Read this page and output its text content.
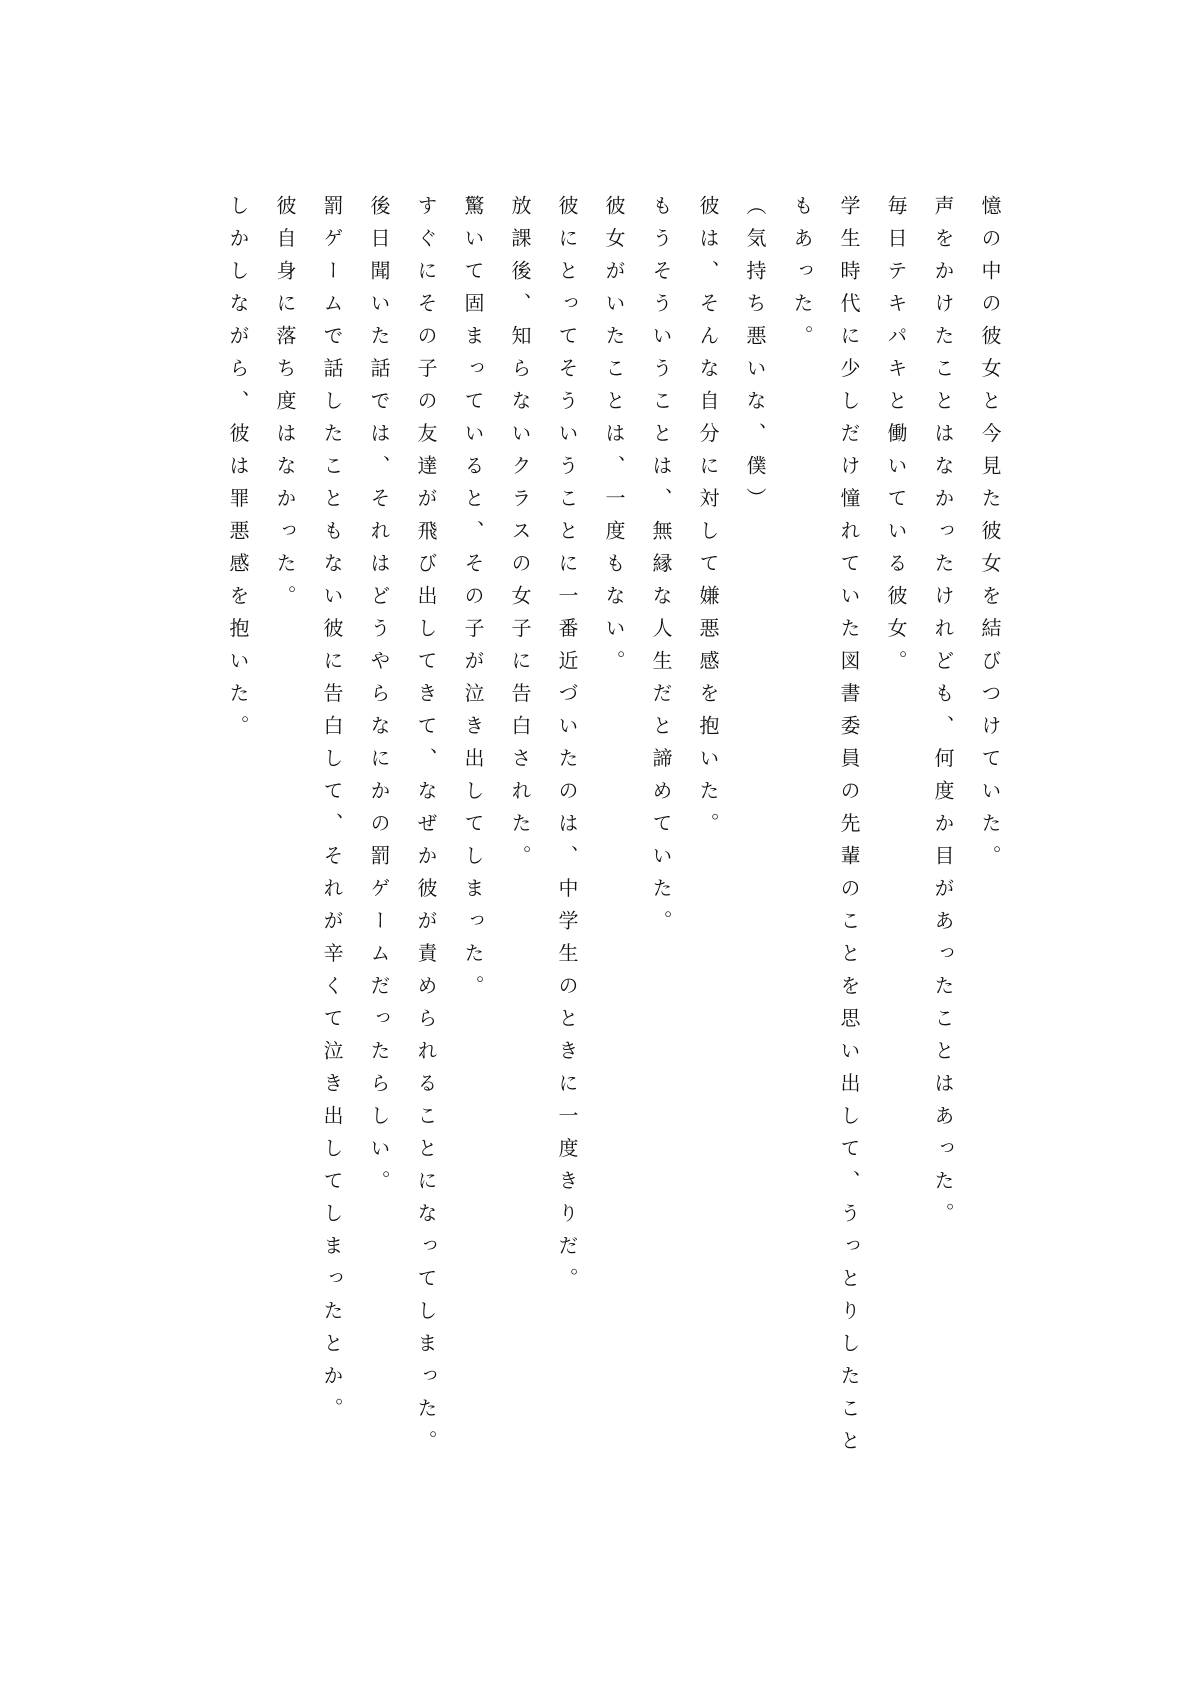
憶の中の彼女と今見た彼女を結びつけていた。
声をかけたことはなかったけれども、何度か目があったことはあった。
毎日テキパキと働いている彼女。
学生時代に少しだけ憧れていた図書委員の先輩のことを思い出して、うっとりしたこと
もあった。
（気持ち悪いな、僕）
彼は、そんな自分に対して嫌悪感を抱いた。
もうそういうことは、無縁な人生だと諦めていた。
彼女がいたことは、一度もない。
彼にとってそういうことに一番近づいたのは、中学生のときに一度きりだ。
放課後、知らないクラスの女子に告白された。
驚いて固まっていると、その子が泣き出してしまった。
すぐにその子の友達が飛び出してきて、なぜか彼が責められることになってしまった。
後日聞いた話では、それはどうやらなにかの罰ゲームだったらしい。
罰ゲームで話したこともない彼に告白して、それが辛くて泣き出してしまったとか。
彼自身に落ち度はなかった。
しかしながら、彼は罪悪感を抱いた。
